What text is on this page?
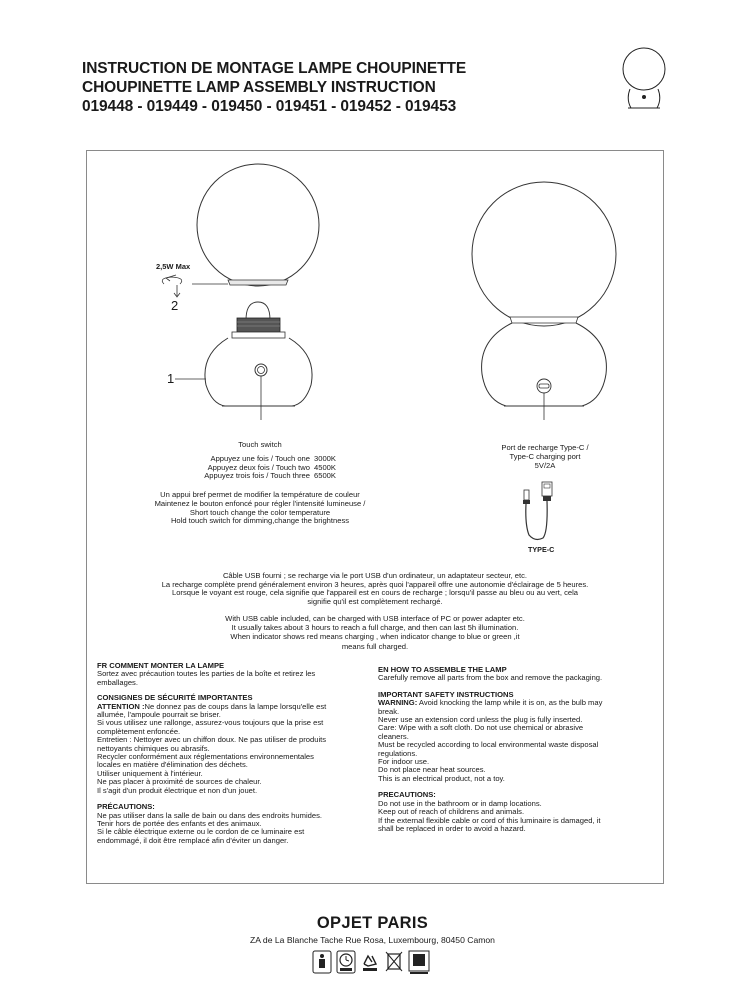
INSTRUCTION DE MONTAGE LAMPE CHOUPINETTE
CHOUPINETTE LAMP ASSEMBLY INSTRUCTION
019448 - 019449 - 019450 - 019451 - 019452 - 019453
2,5W Max
2
1
Touch switch
Appuyez une fois / Touch one 3000K
Appuyez deux fois / Touch two 4500K
Appuyez trois fois / Touch three 6500K
Un appui bref permet de modifier la température de couleur
Maintenez le bouton enfoncé pour régler l'intensité lumineuse /
Short touch change the color temperature
Hold touch switch for dimming,change the brightness
Port de recharge Type-C /
Type-C charging port
5V/2A
TYPE-C
Câble USB fourni ; se recharge via le port USB d'un ordinateur, un adaptateur secteur, etc.
La recharge complète prend généralement environ 3 heures, après quoi l'appareil offre une autonomie d'éclairage de 5 heures.
Lorsque le voyant est rouge, cela signifie que l'appareil est en cours de recharge ; lorsqu'il passe au bleu ou au vert, cela
signifie qu'il est complètement rechargé.
With USB cable included, can be charged with USB interface of PC or power adapter etc.
It usually takes about 3 hours to reach a full charge, and then can last 5h illumination.
When indicator shows red means charging , when indicator change to blue or green ,it
means full charged.
FR COMMENT MONTER LA LAMPE
Sortez avec précaution toutes les parties de la boîte et retirez les
emballages.
CONSIGNES DE SÉCURITÉ IMPORTANTES
ATTENTION :Ne donnez pas de coups dans la lampe lorsqu'elle est
allumée, l'ampoule pourrait se briser.
Si vous utilisez une rallonge, assurez-vous toujours que la prise est
complètement enfoncée.
Entretien : Nettoyer avec un chiffon doux. Ne pas utiliser de produits
nettoyants chimiques ou abrasifs.
Recycler conformément aux réglementations environnementales
locales en matière d'élimination des déchets.
Utiliser uniquement à l'intérieur.
Ne pas placer à proximité de sources de chaleur.
Il s'agit d'un produit électrique et non d'un jouet.
PRÉCAUTIONS:
Ne pas utiliser dans la salle de bain ou dans des endroits humides.
Tenir hors de portée des enfants et des animaux.
Si le câble électrique externe ou le cordon de ce luminaire est
endommagé, il doit être remplacé afin d'éviter un danger.
EN HOW TO ASSEMBLE THE LAMP
Carefully remove all parts from the box and remove the packaging.
IMPORTANT SAFETY INSTRUCTIONS
WARNING: Avoid knocking the lamp while it is on, as the bulb may
break.
Never use an extension cord unless the plug is fully inserted.
Care: Wipe with a soft cloth. Do not use chemical or abrasive
cleaners.
Must be recycled according to local environmental waste disposal
regulations.
For indoor use.
Do not place near heat sources.
This is an electrical product, not a toy.
PRECAUTIONS:
Do not use in the bathroom or in damp locations.
Keep out of reach of childrens and animals.
If the external flexible cable or cord of this luminaire is damaged, it
shall be replaced in order to avoid a hazard.
OPJET PARIS
ZA de La Blanche Tache Rue Rosa, Luxembourg, 80450 Camon
